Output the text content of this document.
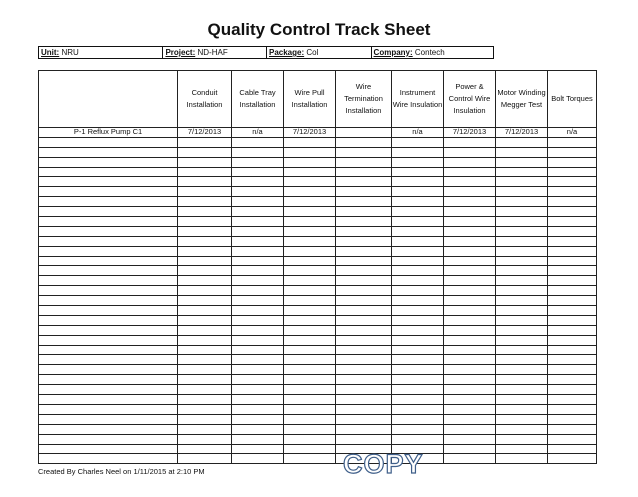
Quality Control Track Sheet
Unit: NRU	Project: ND-HAF	Package: Col	Company: Contech
	Conduit Installation	Cable Tray Installation	Wire Pull Installation	Wire Termination Installation	Instrument Wire Insulation	Power & Control Wire Insulation	Motor Winding Megger Test	Bolt Torques
P-1 Reflux Pump C1	7/12/2013	n/a	7/12/2013		n/a	7/12/2013	7/12/2013	n/a

COPY
Created By Charles Neel on 1/11/2015 at 2:10 PM
